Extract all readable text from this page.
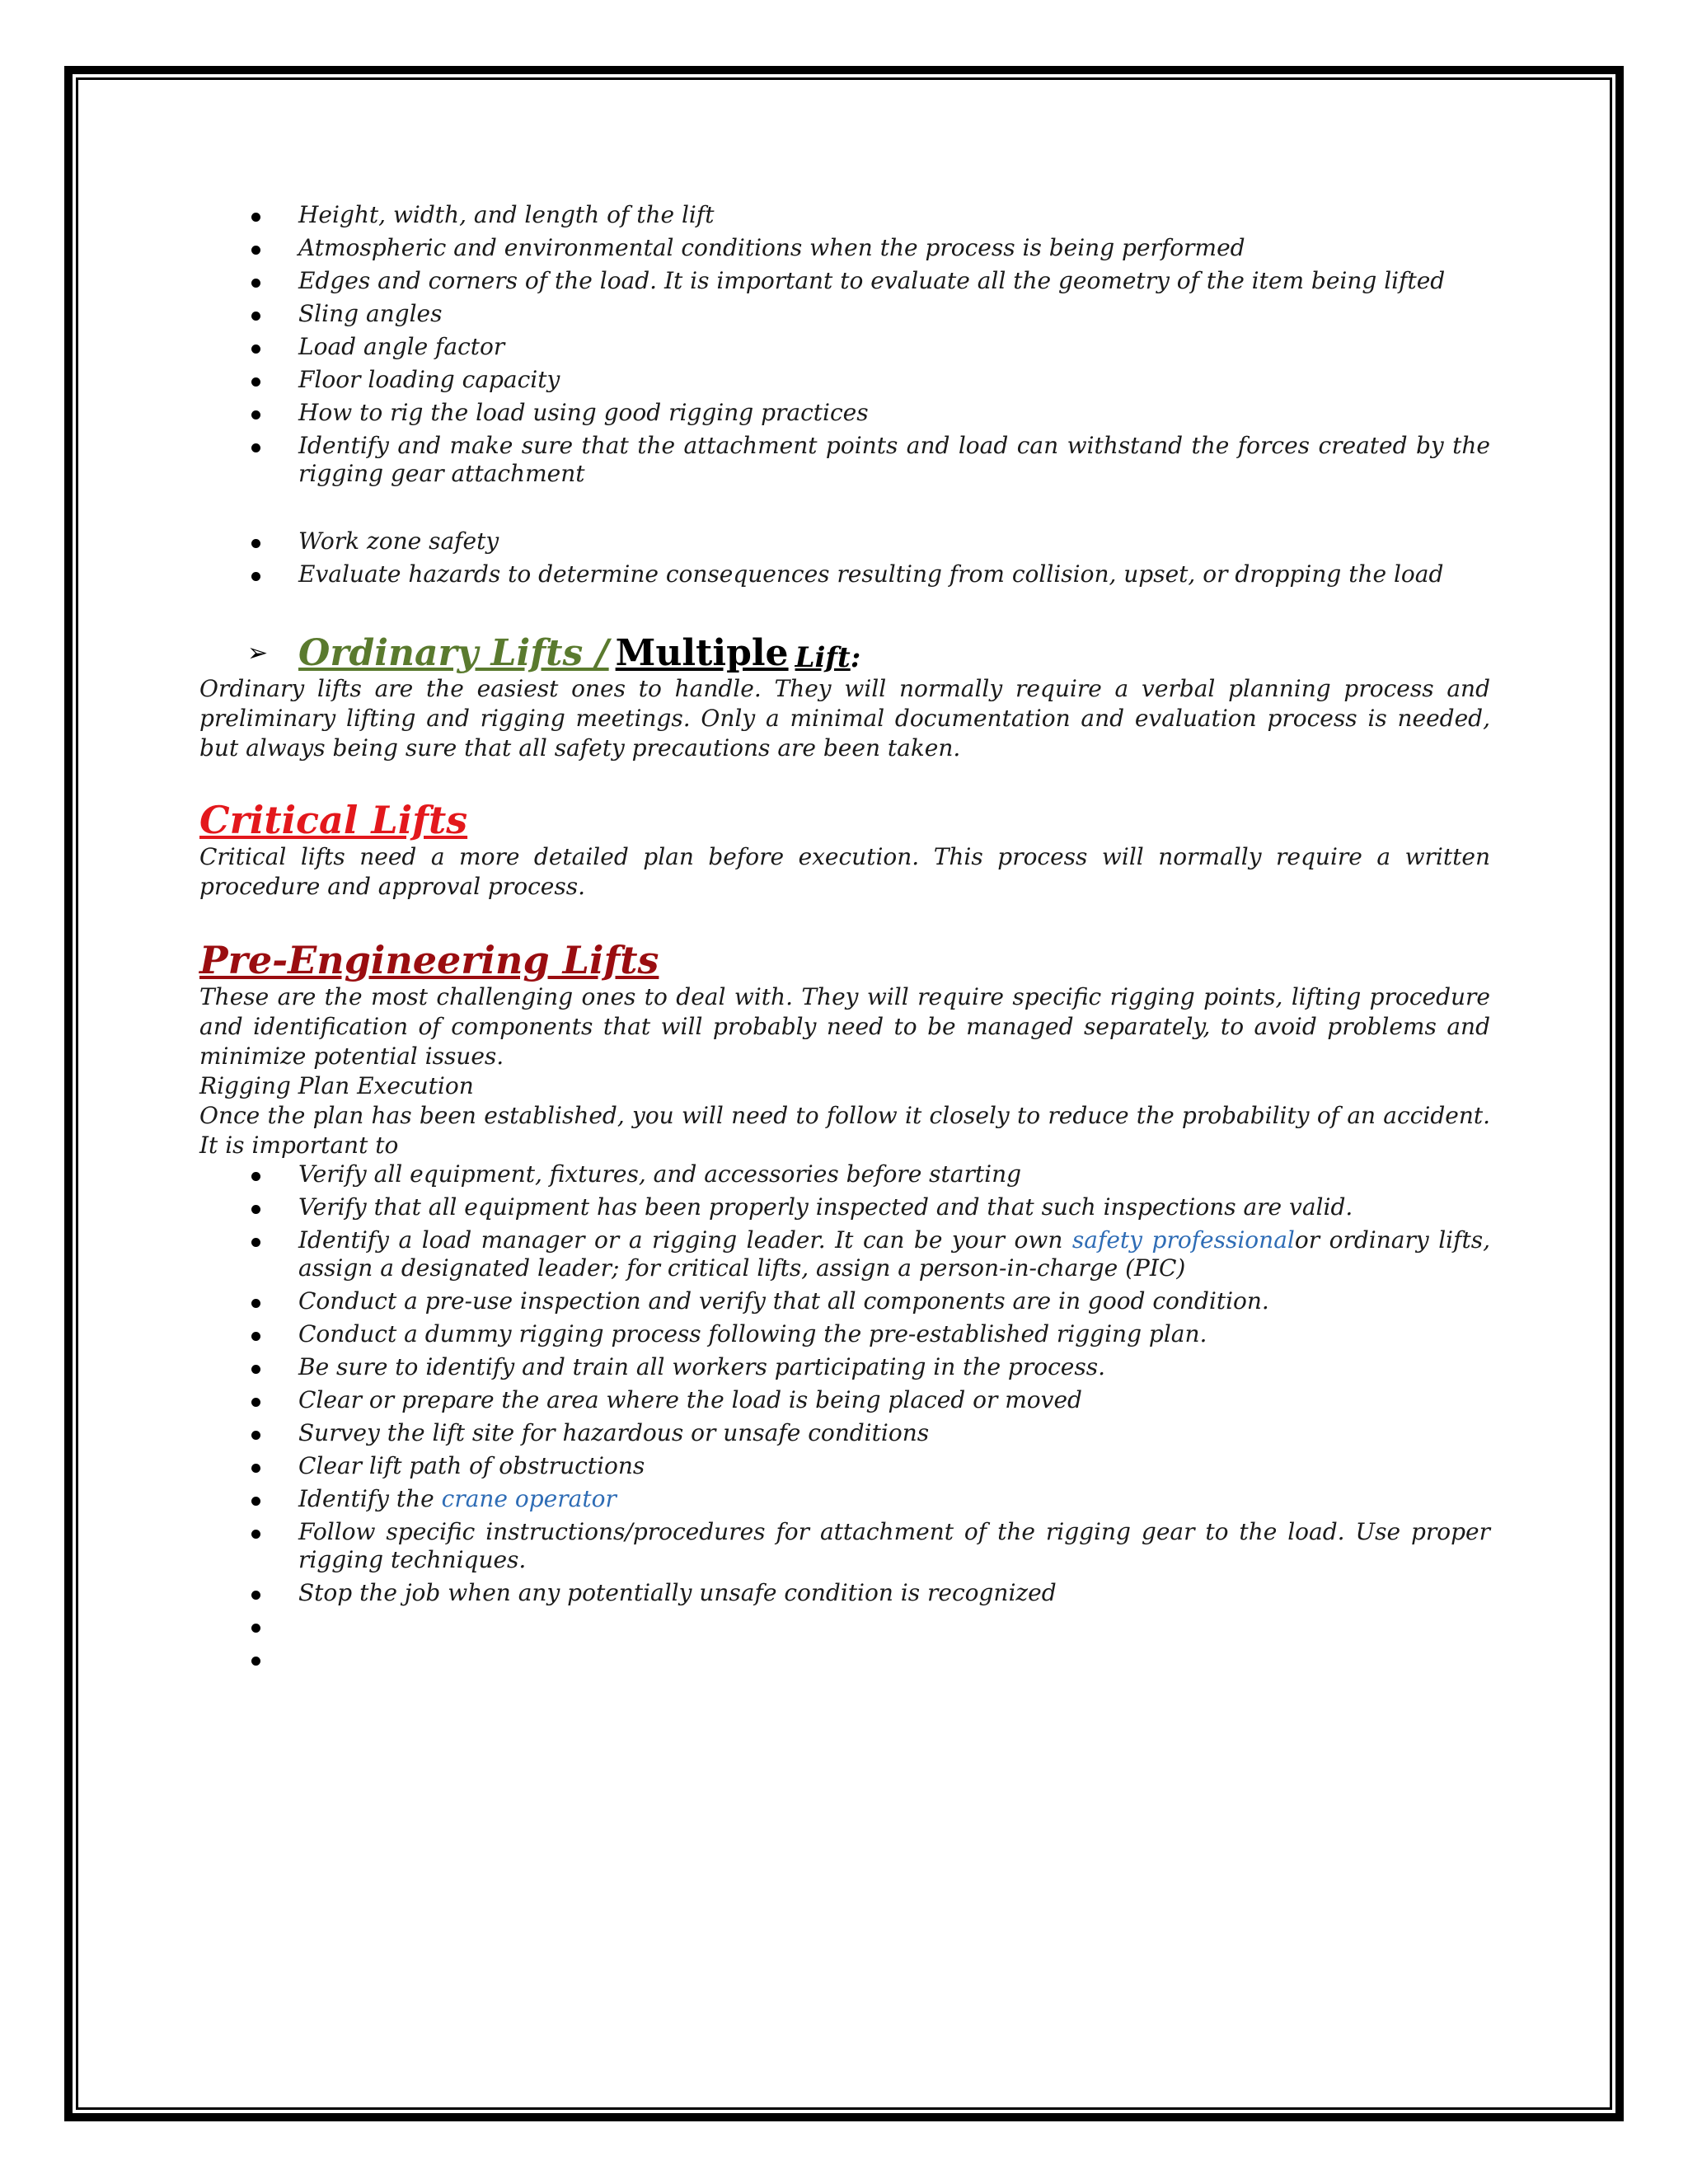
Height, width, and length of the lift
Atmospheric and environmental conditions when the process is being performed
Edges and corners of the load. It is important to evaluate all the geometry of the item being lifted
Sling angles
Load angle factor
Floor loading capacity
How to rig the load using good rigging practices
Identify and make sure that the attachment points and load can withstand the forces created by the rigging gear attachment
Work zone safety
Evaluate hazards to determine consequences resulting from collision, upset, or dropping the load
➢ Ordinary Lifts / Multiple Lift :

Ordinary lifts are the easiest ones to handle. They will normally require a verbal planning process and preliminary lifting and rigging meetings. Only a minimal documentation and evaluation process is needed, but always being sure that all safety precautions are been taken.

Critical Lifts

Critical lifts need a more detailed plan before execution. This process will normally require a written procedure and approval process.

Pre-Engineering Lifts

These are the most challenging ones to deal with. They will require specific rigging points, lifting procedure and identification of components that will probably need to be managed separately, to avoid problems and minimize potential issues.

Rigging Plan Execution

Once the plan has been established, you will need to follow it closely to reduce the probability of an accident. It is important to

Verify all equipment, fixtures, and accessories before starting
Verify that all equipment has been properly inspected and that such inspections are valid.
Identify a load manager or a rigging leader. It can be your own safety professionalor ordinary lifts, assign a designated leader; for critical lifts, assign a person-in-charge (PIC)
Conduct a pre-use inspection and verify that all components are in good condition.
Conduct a dummy rigging process following the pre-established rigging plan.
Be sure to identify and train all workers participating in the process.
Clear or prepare the area where the load is being placed or moved
Survey the lift site for hazardous or unsafe conditions
Clear lift path of obstructions
Identify the crane operator
Follow specific instructions/procedures for attachment of the rigging gear to the load. Use proper rigging techniques.
Stop the job when any potentially unsafe condition is recognized
